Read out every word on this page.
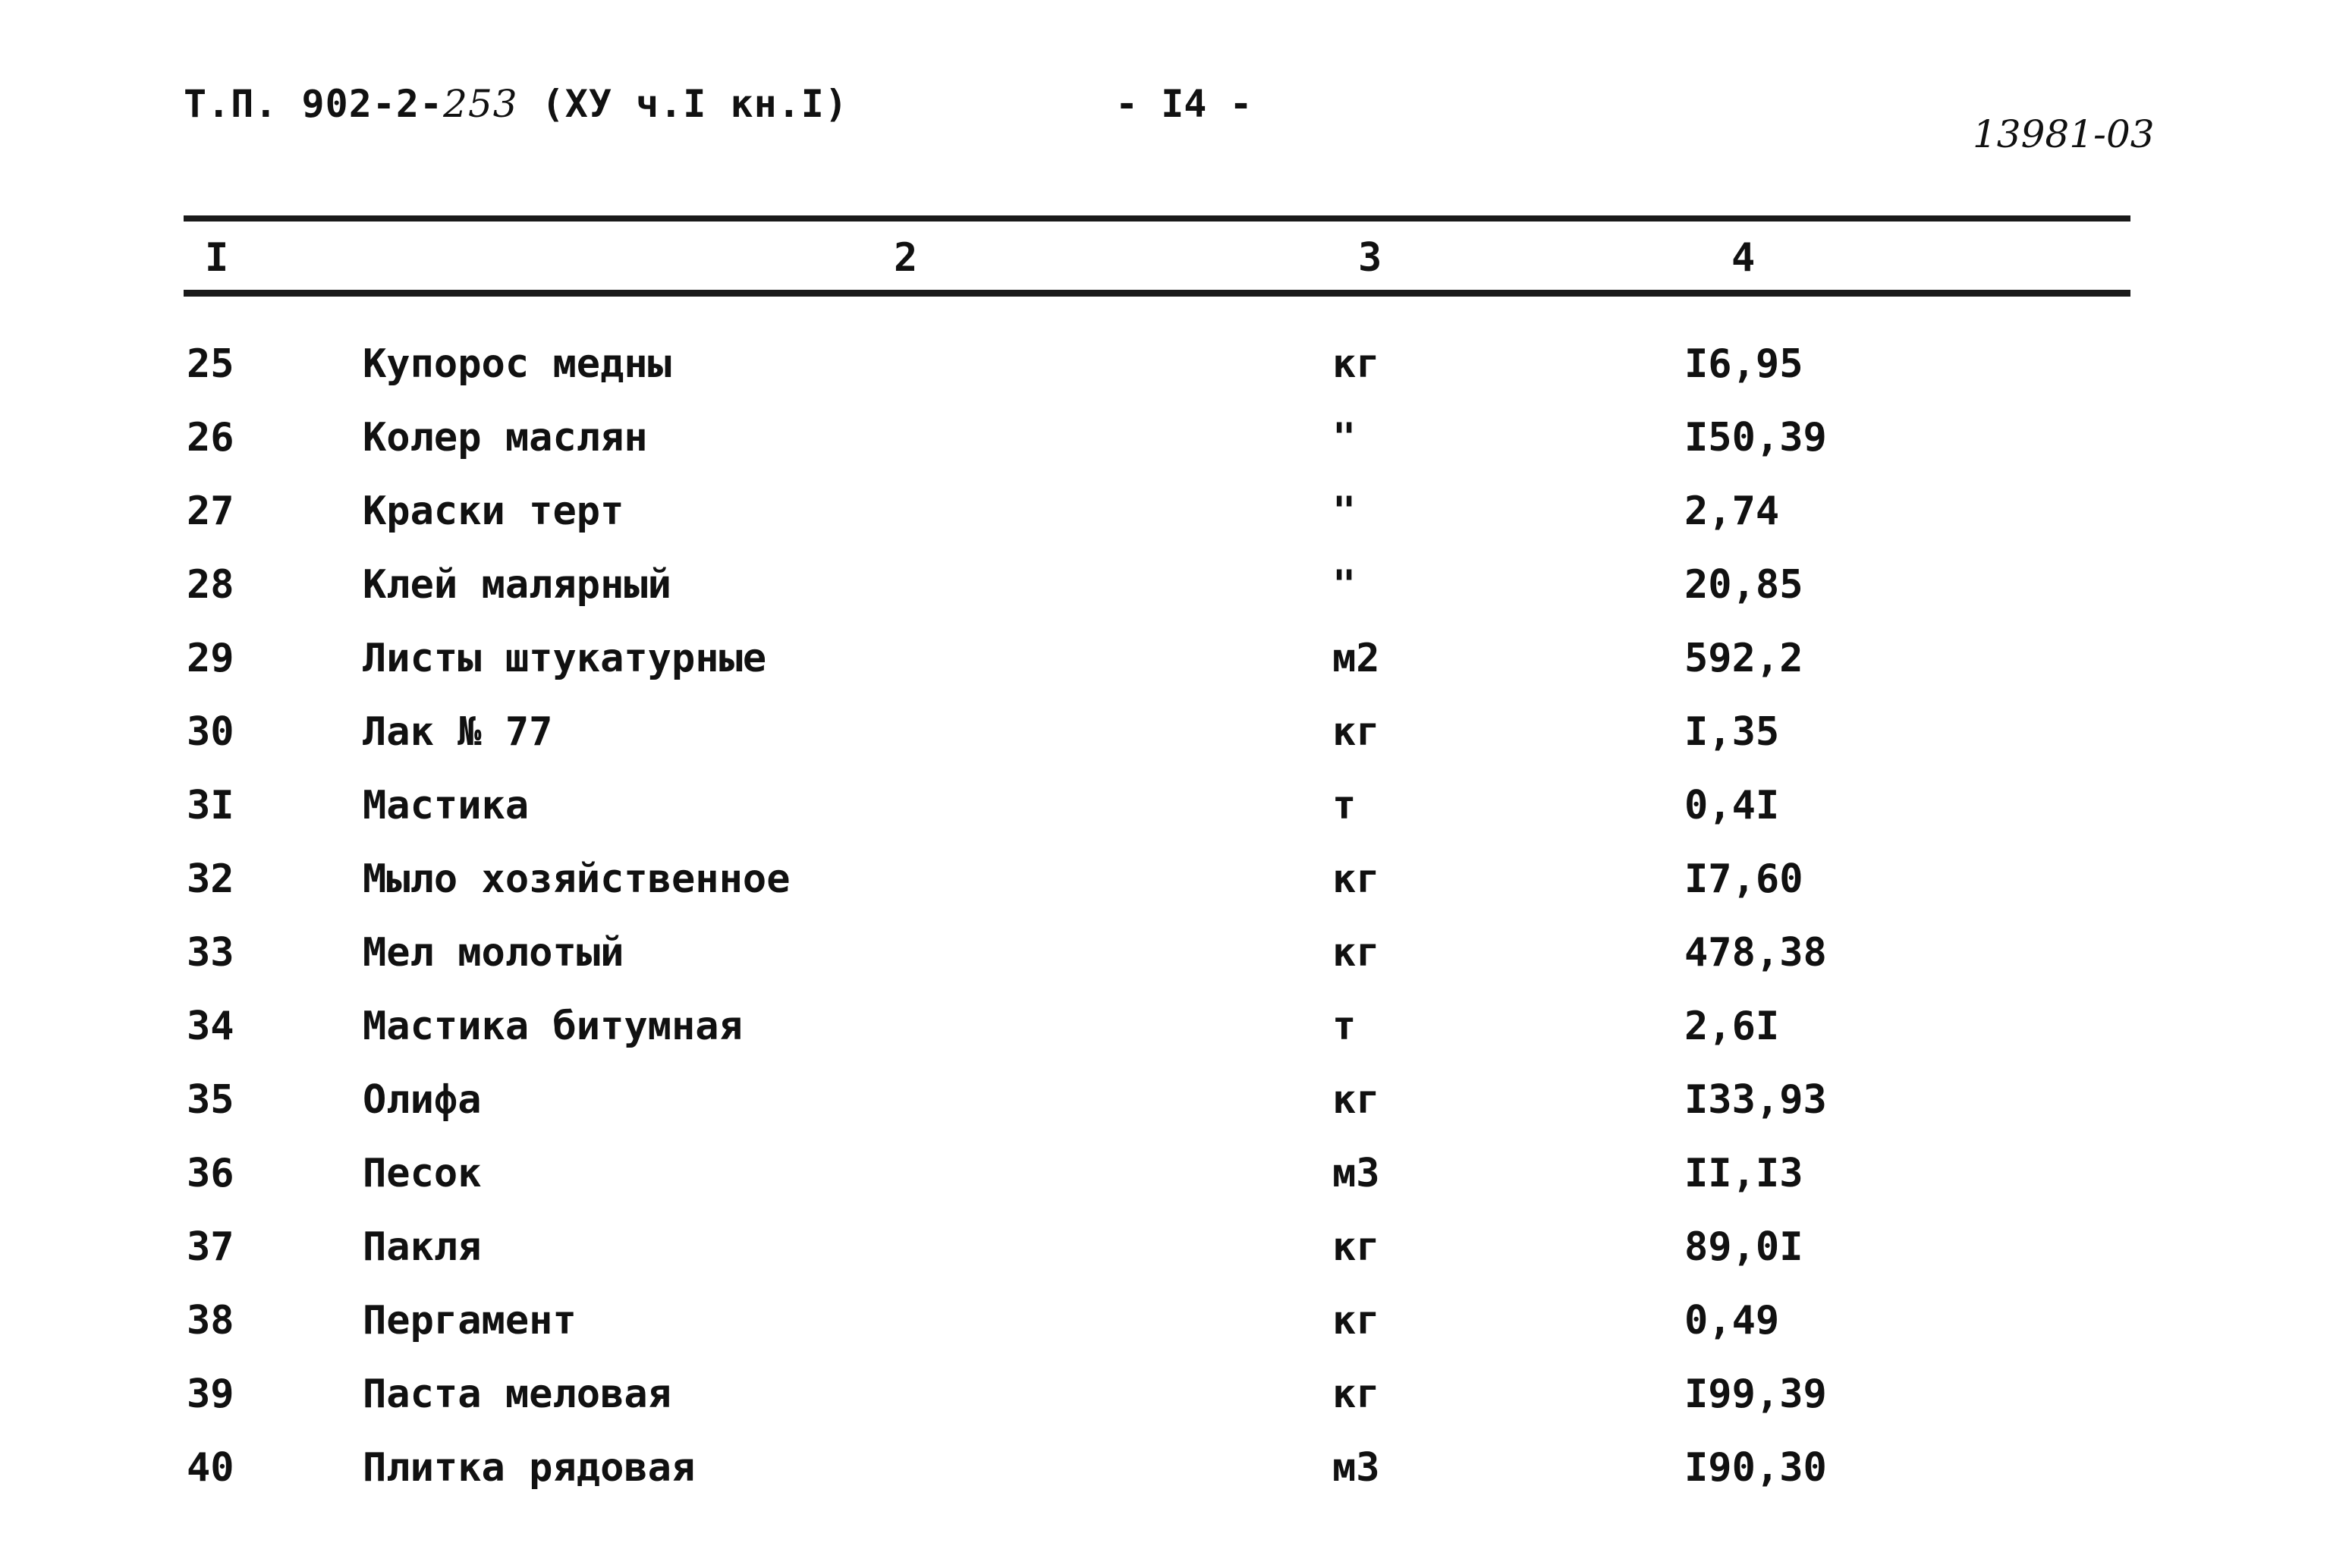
Т.П. 902-2-253 (ХУ ч.I кн.I)	- I4 -
13981-03
I	2	3	4
25	Купорос медны	кг	I6,95
26	Колер маслян	"	I50,39
27	Краски терт	"	2,74
28	Клей малярный	"	20,85
29	Листы штукатурные	м2	592,2
30	Лак № 77	кг	I,35
3I	Мастика	т	0,4I
32	Мыло хозяйственное	кг	I7,60
33	Мел молотый	кг	478,38
34	Мастика битумная	т	2,6I
35	Олифа	кг	I33,93
36	Песок	м3	II,I3
37	Пакля	кг	89,0I
38	Пергамент	кг	0,49
39	Паста меловая	кг	I99,39
40	Плитка рядовая	м3	I90,30
